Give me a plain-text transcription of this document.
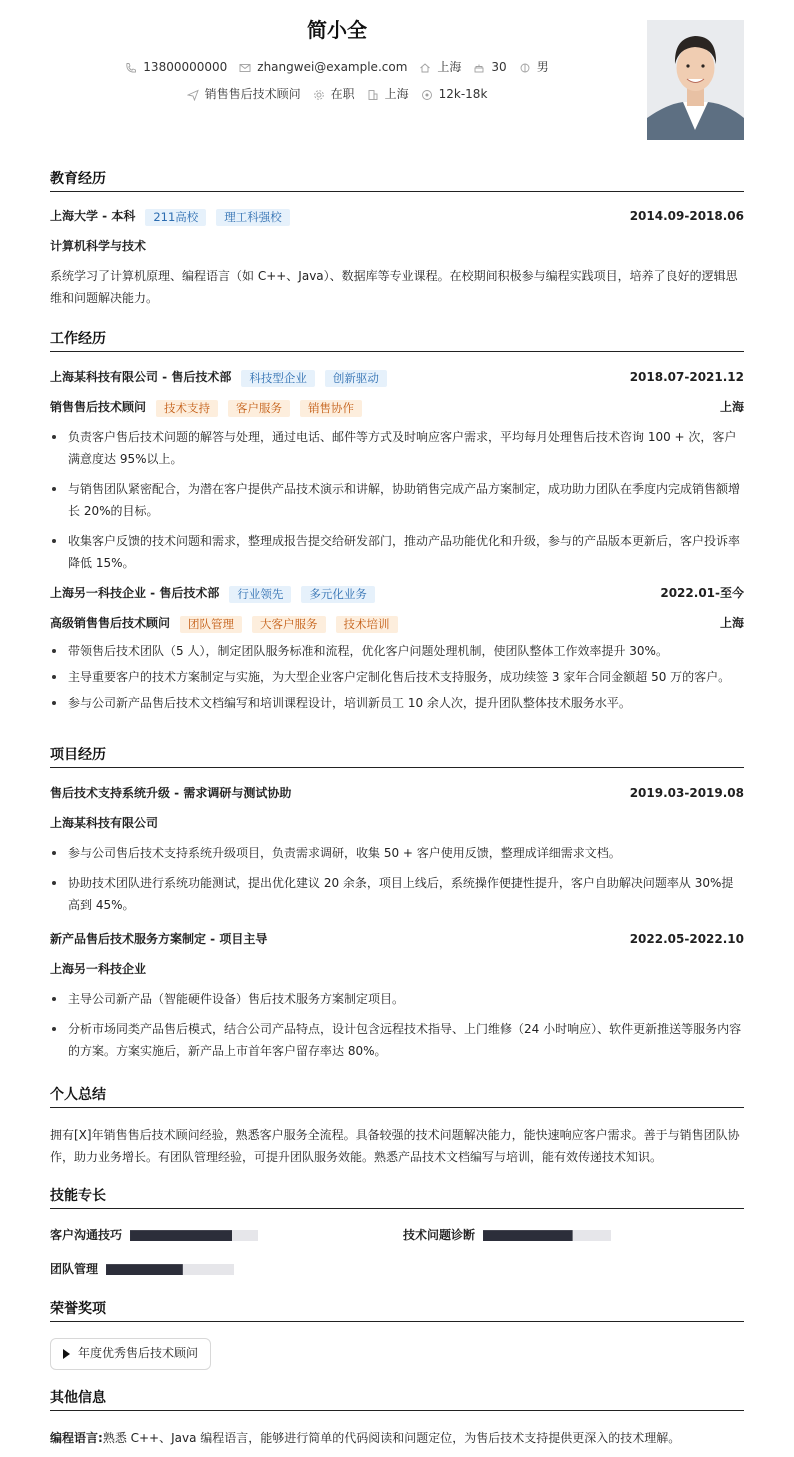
简小全
13800000000	zhangwei@example.com	上海	30	男
销售售后技术顾问	在职	上海	12k-18k
教育经历
上海大学 - 本科	211高校	理工科强校	2014.09-2018.06
计算机科学与技术
系统学习了计算机原理、编程语言（如 C++、Java）、数据库等专业课程。在校期间积极参与编程实践项目，培养了良好的逻辑思维和问题解决能力。
工作经历
上海某科技有限公司 - 售后技术部	科技型企业	创新驱动	2018.07-2021.12
销售售后技术顾问	技术支持	客户服务	销售协作	上海
负责客户售后技术问题的解答与处理，通过电话、邮件等方式及时响应客户需求，平均每月处理售后技术咨询 100 + 次，客户满意度达 95%以上。
与销售团队紧密配合，为潜在客户提供产品技术演示和讲解，协助销售完成产品方案制定，成功助力团队在季度内完成销售额增长 20%的目标。
收集客户反馈的技术问题和需求，整理成报告提交给研发部门，推动产品功能优化和升级，参与的产品版本更新后，客户投诉率降低 15%。
上海另一科技企业 - 售后技术部	行业领先	多元化业务	2022.01-至今
高级销售售后技术顾问	团队管理	大客户服务	技术培训	上海
带领售后技术团队（5 人），制定团队服务标准和流程，优化客户问题处理机制，使团队整体工作效率提升 30%。
主导重要客户的技术方案制定与实施，为大型企业客户定制化售后技术支持服务，成功续签 3 家年合同金额超 50 万的客户。
参与公司新产品售后技术文档编写和培训课程设计，培训新员工 10 余人次，提升团队整体技术服务水平。
项目经历
售后技术支持系统升级 - 需求调研与测试协助	2019.03-2019.08
上海某科技有限公司
参与公司售后技术支持系统升级项目，负责需求调研，收集 50 + 客户使用反馈，整理成详细需求文档。
协助技术团队进行系统功能测试，提出优化建议 20 余条，项目上线后，系统操作便捷性提升，客户自助解决问题率从 30%提高到 45%。
新产品售后技术服务方案制定 - 项目主导	2022.05-2022.10
上海另一科技企业
主导公司新产品（智能硬件设备）售后技术服务方案制定项目。
分析市场同类产品售后模式，结合公司产品特点，设计包含远程技术指导、上门维修（24 小时响应）、软件更新推送等服务内容的方案。方案实施后，新产品上市首年客户留存率达 80%。
个人总结
拥有[X]年销售售后技术顾问经验，熟悉客户服务全流程。具备较强的技术问题解决能力，能快速响应客户需求。善于与销售团队协作，助力业务增长。有团队管理经验，可提升团队服务效能。熟悉产品技术文档编写与培训，能有效传递技术知识。
技能专长
客户沟通技巧	技术问题诊断
团队管理
荣誉奖项
年度优秀售后技术顾问
其他信息
编程语言:熟悉 C++、Java 编程语言，能够进行简单的代码阅读和问题定位，为售后技术支持提供更深入的技术理解。
